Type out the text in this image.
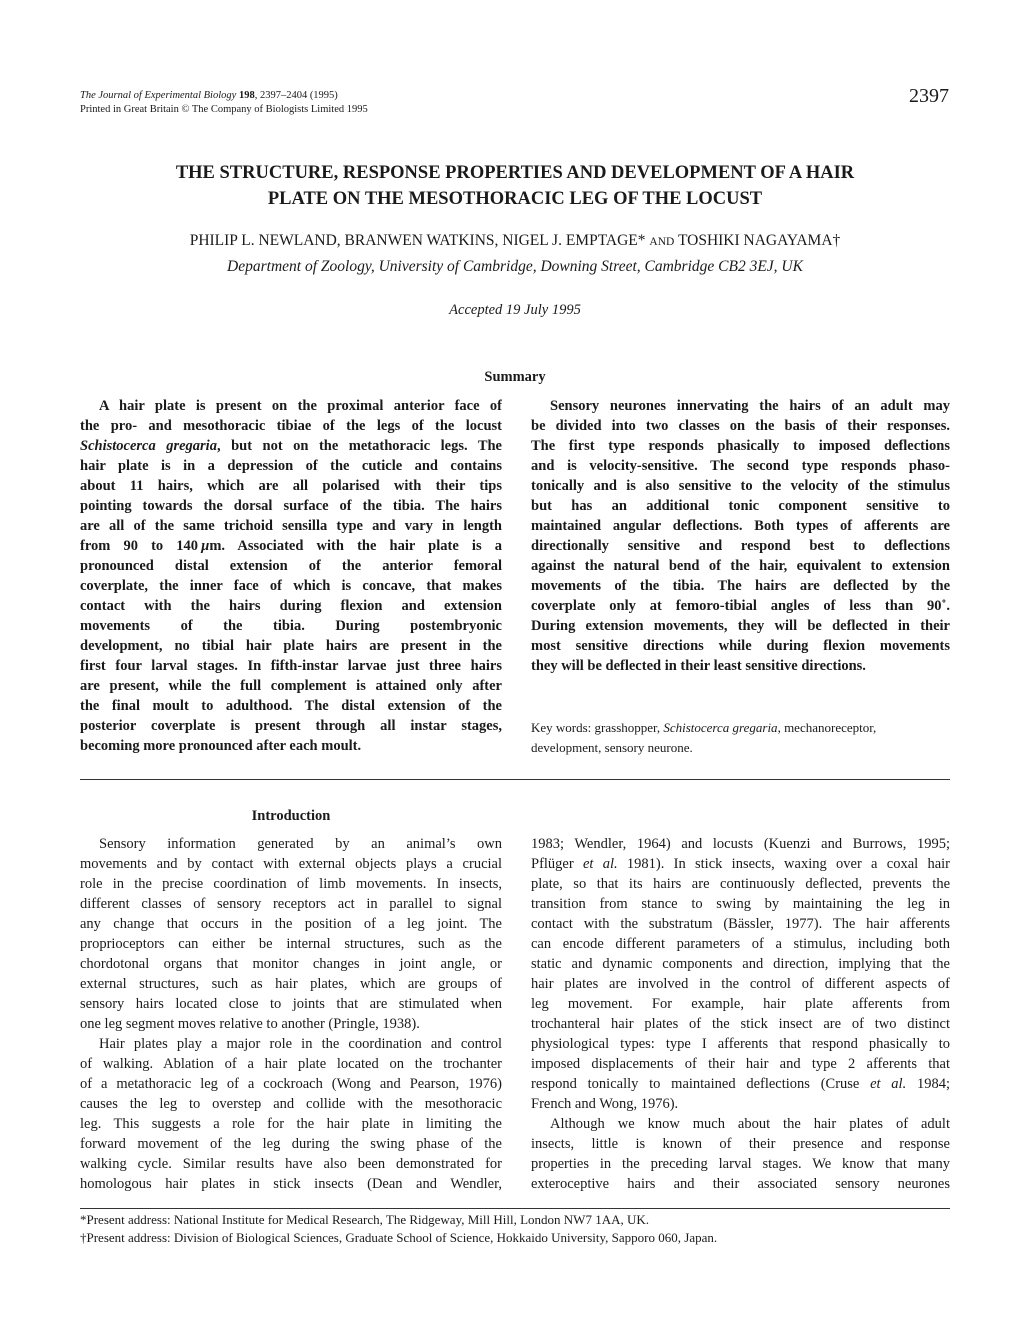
The Journal of Experimental Biology 198, 2397–2404 (1995)
Printed in Great Britain © The Company of Biologists Limited 1995
2397
THE STRUCTURE, RESPONSE PROPERTIES AND DEVELOPMENT OF A HAIR
PLATE ON THE MESOTHORACIC LEG OF THE LOCUST
PHILIP L. NEWLAND, BRANWEN WATKINS, NIGEL J. EMPTAGE* AND TOSHIKI NAGAYAMA†
Department of Zoology, University of Cambridge, Downing Street, Cambridge CB2 3EJ, UK
Accepted 19 July 1995
Summary
A hair plate is present on the proximal anterior face of
the pro- and mesothoracic tibiae of the legs of the locust
Schistocerca gregaria, but not on the metathoracic legs. The
hair plate is in a depression of the cuticle and contains
about 11 hairs, which are all polarised with their tips
pointing towards the dorsal surface of the tibia. The hairs
are all of the same trichoid sensilla type and vary in length
from 90 to 140  µm. Associated with the hair plate is a
pronounced distal extension of the anterior femoral
coverplate, the inner face of which is concave, that makes
contact with the hairs during flexion and extension
movements of the tibia. During postembryonic
development, no tibial hair plate hairs are present in the
first four larval stages. In fifth-instar larvae just three hairs
are present, while the full complement is attained only after
the final moult to adulthood. The distal extension of the
posterior coverplate is present through all instar stages,
becoming more pronounced after each moult.
Sensory neurones innervating the hairs of an adult may
be divided into two classes on the basis of their responses.
The first type responds phasically to imposed deflections
and is velocity-sensitive. The second type responds phaso-
tonically and is also sensitive to the velocity of the stimulus
but has an additional tonic component sensitive to
maintained angular deflections. Both types of afferents are
directionally sensitive and respond best to deflections
against the natural bend of the hair, equivalent to extension
movements of the tibia. The hairs are deflected by the
coverplate only at femoro-tibial angles of less than 90˚.
During extension movements, they will be deflected in their
most sensitive directions while during flexion movements
they will be deflected in their least sensitive directions.
Key words: grasshopper, Schistocerca gregaria, mechanoreceptor,
development, sensory neurone.
Introduction
Sensory information generated by an animal’s own
movements and by contact with external objects plays a crucial
role in the precise coordination of limb movements. In insects,
different classes of sensory receptors act in parallel to signal
any change that occurs in the position of a leg joint. The
proprioceptors can either be internal structures, such as the
chordotonal organs that monitor changes in joint angle, or
external structures, such as hair plates, which are groups of
sensory hairs located close to joints that are stimulated when
one leg segment moves relative to another (Pringle, 1938).
Hair plates play a major role in the coordination and control
of walking. Ablation of a hair plate located on the trochanter
of a metathoracic leg of a cockroach (Wong and Pearson, 1976)
causes the leg to overstep and collide with the mesothoracic
leg. This suggests a role for the hair plate in limiting the
forward movement of the leg during the swing phase of the
walking cycle. Similar results have also been demonstrated for
homologous hair plates in stick insects (Dean and Wendler,
1983; Wendler, 1964) and locusts (Kuenzi and Burrows, 1995;
Pflüger et al. 1981). In stick insects, waxing over a coxal hair
plate, so that its hairs are continuously deflected, prevents the
transition from stance to swing by maintaining the leg in
contact with the substratum (Bässler, 1977). The hair afferents
can encode different parameters of a stimulus, including both
static and dynamic components and direction, implying that the
hair plates are involved in the control of different aspects of
leg movement. For example, hair plate afferents from
trochanteral hair plates of the stick insect are of two distinct
physiological types: type I afferents that respond phasically to
imposed displacements of their hair and type 2 afferents that
respond tonically to maintained deflections (Cruse et al. 1984;
French and Wong, 1976).
Although we know much about the hair plates of adult
insects, little is known of their presence and response
properties in the preceding larval stages. We know that many
exteroceptive hairs and their associated sensory neurones
*Present address: National Institute for Medical Research, The Ridgeway, Mill Hill, London NW7 1AA, UK.
†Present address: Division of Biological Sciences, Graduate School of Science, Hokkaido University, Sapporo 060, Japan.
